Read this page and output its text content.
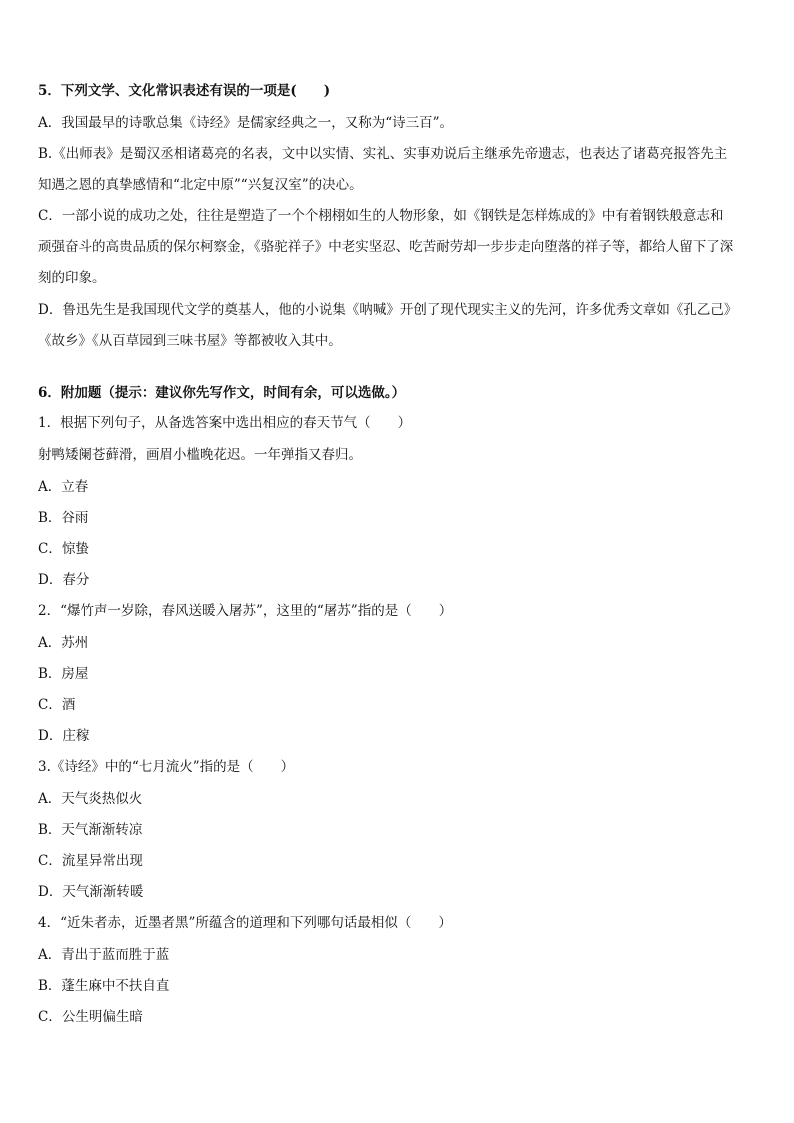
5．下列文学、文化常识表述有误的一项是(　　)
A．我国最早的诗歌总集《诗经》是儒家经典之一，又称为“诗三百”。
B.《出师表》是蜀汉丞相诸葛亮的名表，文中以实情、实礼、实事劝说后主继承先帝遗志，也表达了诸葛亮报答先主
知遇之恩的真挚感情和“北定中原”“兴复汉室”的决心。
C．一部小说的成功之处，往往是塑造了一个个栩栩如生的人物形象，如《钢铁是怎样炼成的》中有着钢铁般意志和
顽强奋斗的高贵品质的保尔柯察金，《骆驼祥子》中老实坚忍、吃苦耐劳却一步步走向堕落的祥子等，都给人留下了深
刻的印象。
D．鲁迅先生是我国现代文学的奠基人，他的小说集《呐喊》开创了现代现实主义的先河，许多优秀文章如《孔乙己》
《故乡》《从百草园到三味书屋》等都被收入其中。
6．附加题（提示：建议你先写作文，时间有余，可以选做。）
1．根据下列句子，从备选答案中选出相应的春天节气（　　）
射鸭矮阑苍藓滑，画眉小槛晚花迟。一年弹指又春归。
A．立春
B．谷雨
C．惊蛰
D．春分
2．“爆竹声一岁除，春风送暖入屠苏”，这里的“屠苏”指的是（　　）
A．苏州
B．房屋
C．酒
D．庄稼
3.《诗经》中的“七月流火”指的是（　　）
A．天气炎热似火
B．天气渐渐转凉
C．流星异常出现
D．天气渐渐转暖
4．“近朱者赤，近墨者黑”所蕴含的道理和下列哪句话最相似（　　）
A．青出于蓝而胜于蓝
B．蓬生麻中不扶自直
C．公生明偏生暗
